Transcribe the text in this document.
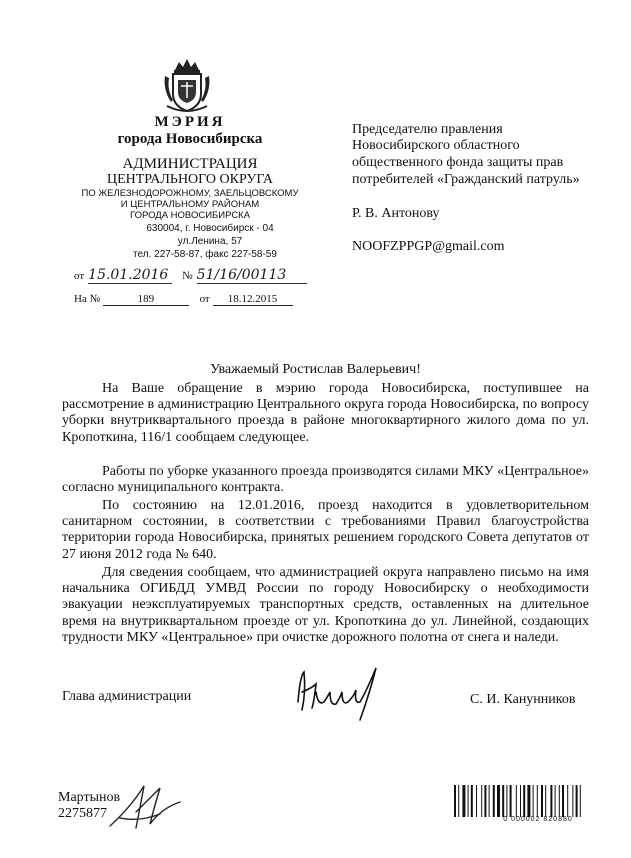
МЭРИЯ
города Новосибирска
АДМИНИСТРАЦИЯ
ЦЕНТРАЛЬНОГО ОКРУГА
ПО ЖЕЛЕЗНОДОРОЖНОМУ, ЗАЕЛЬЦОВСКОМУ
И ЦЕНТРАЛЬНОМУ РАЙОНАМ
ГОРОДА НОВОСИБИРСКА
630004, г. Новосибирск - 04
ул.Ленина, 57
тел. 227-58-87, факс 227-58-59
от 15.01.2016 № 51/16/00113
На №	189	от 18.12.2015
Председателю правления
Новосибирского областного
общественного фонда защиты прав
потребителей «Гражданский патруль»
Р. В. Антонову
NOOFZPPGP@gmail.com
Уважаемый Ростислав Валерьевич!
На Ваше обращение в мэрию города Новосибирска, поступившее на рассмотрение в администрацию Центрального округа города Новосибирска, по вопросу уборки внутриквартального проезда в районе многоквартирного жилого дома по ул. Кропоткина, 116/1 сообщаем следующее.
Работы по уборке указанного проезда производятся силами МКУ «Центральное» согласно муниципального контракта.
По состоянию на 12.01.2016, проезд находится в удовлетворительном санитарном состоянии, в соответствии с требованиями Правил благоустройства территории города Новосибирска, принятых решением городского Совета депутатов от 27 июня 2012 года № 640.
Для сведения сообщаем, что администрацией округа направлено письмо на имя начальника ОГИБДД УМВД России по городу Новосибирску о необходимости эвакуации неэксплуатируемых транспортных средств, оставленных на длительное время на внутриквартальном проезде от ул. Кропоткина до ул. Линейной, создающих трудности МКУ «Центральное» при очистке дорожного полотна от снега и наледи.
Глава администрации	С. И. Канунников
Мартынов
2275877	0 000002 820880
